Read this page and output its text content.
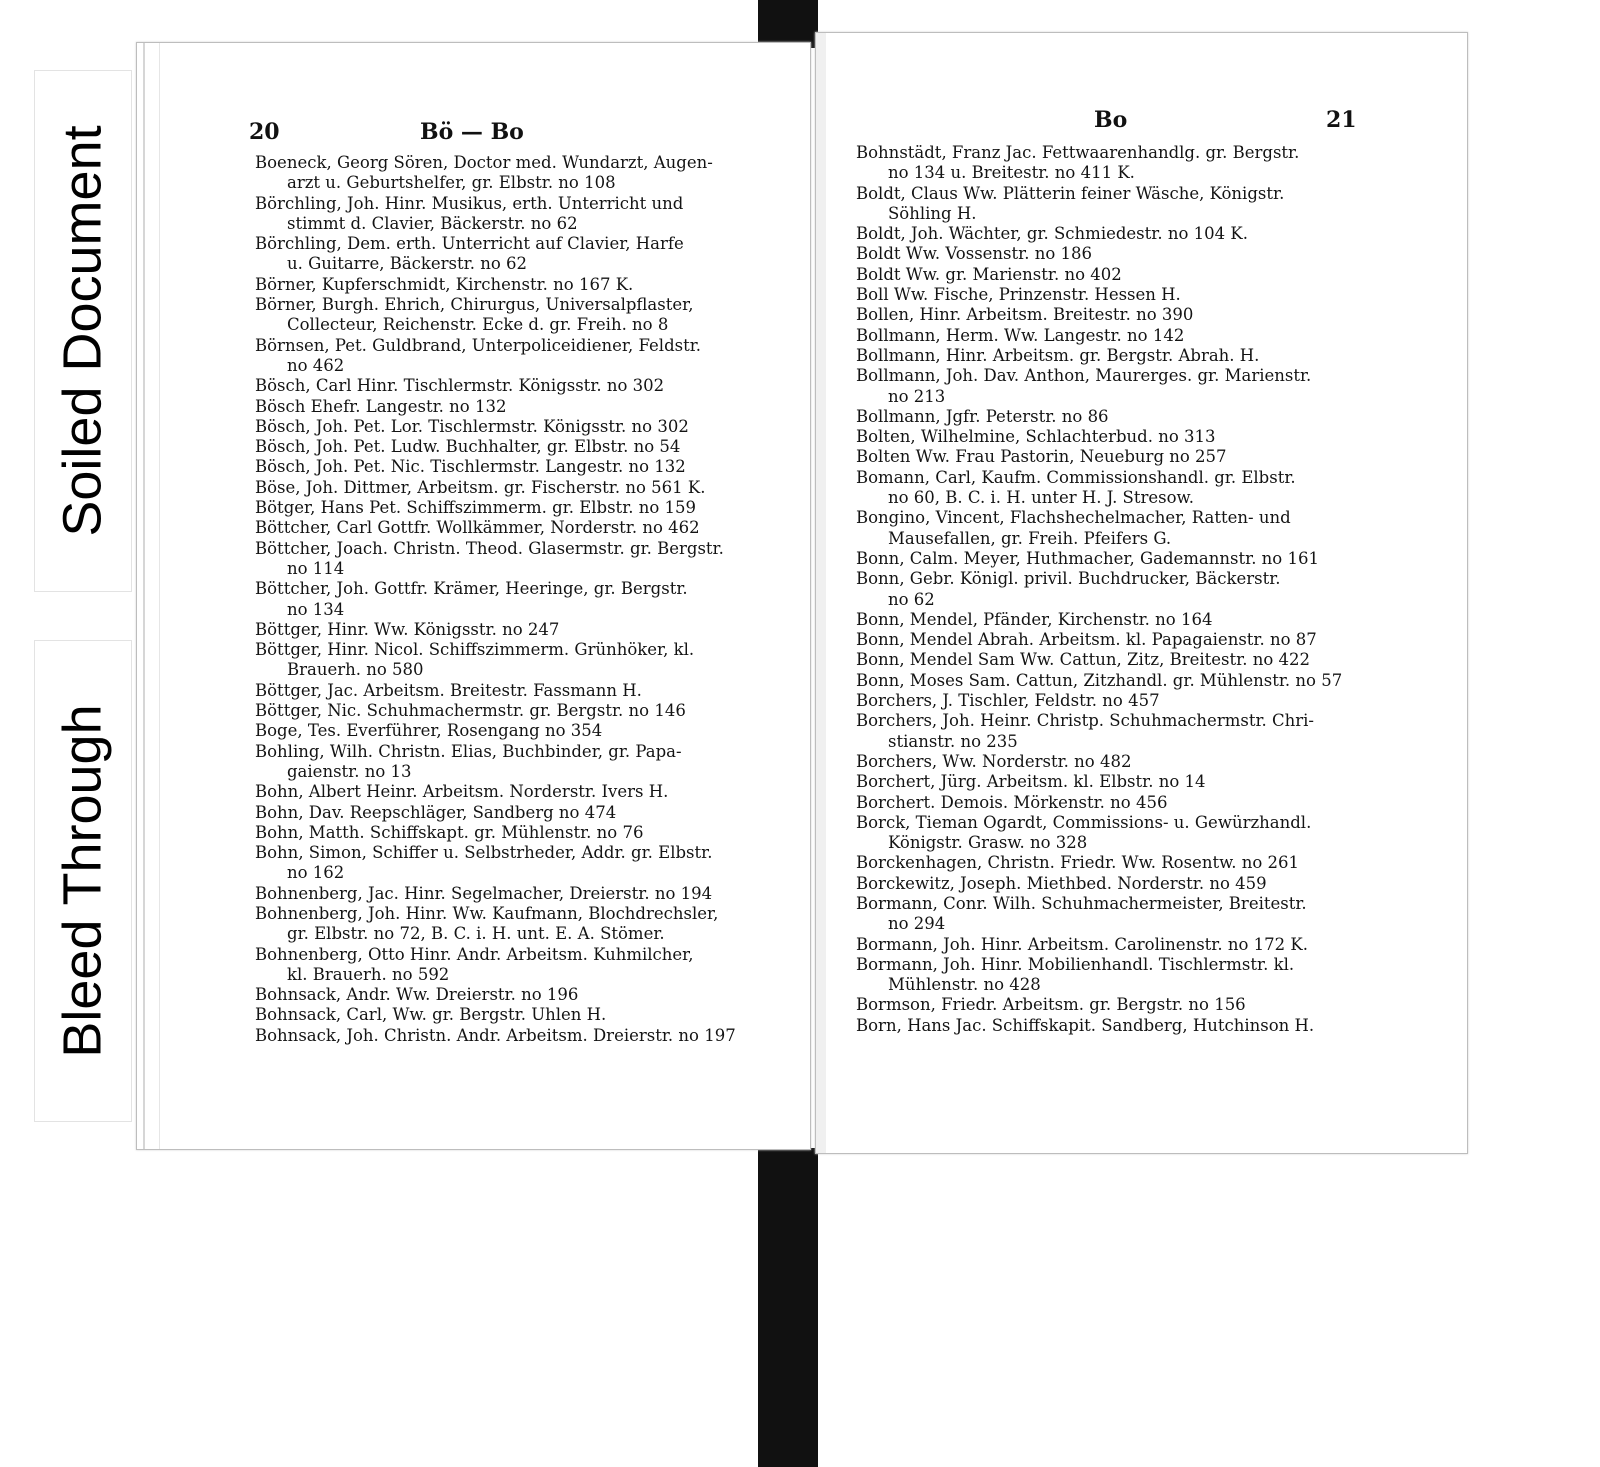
Soiled Document
Bleed Through
20	Bö — Bo
Boeneck, Georg Sören, Doctor med. Wundarzt, Augen-
arzt u. Geburtshelfer, gr. Elbstr. no 108
Börchling, Joh. Hinr. Musikus, erth. Unterricht und
stimmt d. Clavier, Bäckerstr. no 62
Börchling, Dem. erth. Unterricht auf Clavier, Harfe
u. Guitarre, Bäckerstr. no 62
Börner, Kupferschmidt, Kirchenstr. no 167 K.
Börner, Burgh. Ehrich, Chirurgus, Universalpflaster,
Collecteur, Reichenstr. Ecke d. gr. Freih. no 8
Börnsen, Pet. Guldbrand, Unterpoliceidiener, Feldstr.
no 462
Bösch, Carl Hinr. Tischlermstr. Königsstr. no 302
Bösch Ehefr. Langestr. no 132
Bösch, Joh. Pet. Lor. Tischlermstr. Königsstr. no 302
Bösch, Joh. Pet. Ludw. Buchhalter, gr. Elbstr. no 54
Bösch, Joh. Pet. Nic. Tischlermstr. Langestr. no 132
Böse, Joh. Dittmer, Arbeitsm. gr. Fischerstr. no 561 K.
Bötger, Hans Pet. Schiffszimmerm. gr. Elbstr. no 159
Böttcher, Carl Gottfr. Wollkämmer, Norderstr. no 462
Böttcher, Joach. Christn. Theod. Glasermstr. gr. Bergstr.
no 114
Böttcher, Joh. Gottfr. Krämer, Heeringe, gr. Bergstr.
no 134
Böttger, Hinr. Ww. Königsstr. no 247
Böttger, Hinr. Nicol. Schiffszimmerm. Grünhöker, kl.
Brauerh. no 580
Böttger, Jac. Arbeitsm. Breitestr. Fassmann H.
Böttger, Nic. Schuhmachermstr. gr. Bergstr. no 146
Boge, Tes. Everführer, Rosengang no 354
Bohling, Wilh. Christn. Elias, Buchbinder, gr. Papa-
gaienstr. no 13
Bohn, Albert Heinr. Arbeitsm. Norderstr. Ivers H.
Bohn, Dav. Reepschläger, Sandberg no 474
Bohn, Matth. Schiffskapt. gr. Mühlenstr. no 76
Bohn, Simon, Schiffer u. Selbstrheder, Addr. gr. Elbstr.
no 162
Bohnenberg, Jac. Hinr. Segelmacher, Dreierstr. no 194
Bohnenberg, Joh. Hinr. Ww. Kaufmann, Blochdrechsler,
gr. Elbstr. no 72, B. C. i. H. unt. E. A. Stömer.
Bohnenberg, Otto Hinr. Andr. Arbeitsm. Kuhmilcher,
kl. Brauerh. no 592
Bohnsack, Andr. Ww. Dreierstr. no 196
Bohnsack, Carl, Ww. gr. Bergstr. Uhlen H.
Bohnsack, Joh. Christn. Andr. Arbeitsm. Dreierstr. no 197
Bo	21
Bohnstädt, Franz Jac. Fettwaarenhandlg. gr. Bergstr.
no 134 u. Breitestr. no 411 K.
Boldt, Claus Ww. Plätterin feiner Wäsche, Königstr.
Söhling H.
Boldt, Joh. Wächter, gr. Schmiedestr. no 104 K.
Boldt Ww. Vossenstr. no 186
Boldt Ww. gr. Marienstr. no 402
Boll Ww. Fische, Prinzenstr. Hessen H.
Bollen, Hinr. Arbeitsm. Breitestr. no 390
Bollmann, Herm. Ww. Langestr. no 142
Bollmann, Hinr. Arbeitsm. gr. Bergstr. Abrah. H.
Bollmann, Joh. Dav. Anthon, Maurerges. gr. Marienstr.
no 213
Bollmann, Jgfr. Peterstr. no 86
Bolten, Wilhelmine, Schlachterbud. no 313
Bolten Ww. Frau Pastorin, Neueburg no 257
Bomann, Carl, Kaufm. Commissionshandl. gr. Elbstr.
no 60, B. C. i. H. unter H. J. Stresow.
Bongino, Vincent, Flachshechelmacher, Ratten- und
Mausefallen, gr. Freih. Pfeifers G.
Bonn, Calm. Meyer, Huthmacher, Gademannstr. no 161
Bonn, Gebr. Königl. privil. Buchdrucker, Bäckerstr.
no 62
Bonn, Mendel, Pfänder, Kirchenstr. no 164
Bonn, Mendel Abrah. Arbeitsm. kl. Papagaienstr. no 87
Bonn, Mendel Sam Ww. Cattun, Zitz, Breitestr. no 422
Bonn, Moses Sam. Cattun, Zitzhandl. gr. Mühlenstr. no 57
Borchers, J. Tischler, Feldstr. no 457
Borchers, Joh. Heinr. Christp. Schuhmachermstr. Chri-
stianstr. no 235
Borchers, Ww. Norderstr. no 482
Borchert, Jürg. Arbeitsm. kl. Elbstr. no 14
Borchert. Demois. Mörkenstr. no 456
Borck, Tieman Ogardt, Commissions- u. Gewürzhandl.
Königstr. Grasw. no 328
Borckenhagen, Christn. Friedr. Ww. Rosentw. no 261
Borckewitz, Joseph. Miethbed. Norderstr. no 459
Bormann, Conr. Wilh. Schuhmachermeister, Breitestr.
no 294
Bormann, Joh. Hinr. Arbeitsm. Carolinenstr. no 172 K.
Bormann, Joh. Hinr. Mobilienhandl. Tischlermstr. kl.
Mühlenstr. no 428
Bormson, Friedr. Arbeitsm. gr. Bergstr. no 156
Born, Hans Jac. Schiffskapit. Sandberg, Hutchinson H.
